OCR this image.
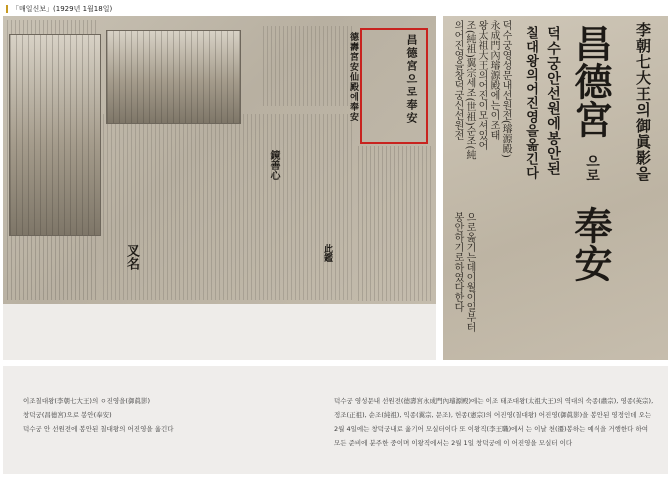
「매일신보」(1929년 1월18일)
德壽宮安仙殿에奉安	昌德宮으로奉安
鏡善心
叉名	此鑑
李朝七大王의御眞影을
昌德宮
으로
奉安
덕수궁안선원에봉안된
칠대왕의어진영을옮긴다
덕수궁영성문내선원전(璿源殿)
永成門內璿源殿에는이조태
왕太祖大王의어진이모셔있어
조(純祖)翼宗세조(世祖)순조(純
의어진영을창덕궁신선원전
으로옮기는데이월이일부터
봉안하기로하였다한다
이조칠대왕(李朝七大王)의 ㅇ진영을(御眞影)
창덕궁(昌德宮)으로 봉안(奉安)
덕수궁 안 선원전에 봉안된 칠대왕의 어진영을 옮긴다
덕수궁 영성문내 선원전(德壽宮永成門內璿源殿)에는 이조 태조대왕(太祖大王)의 역대의 숙종(肅宗), 영종(英宗), 정조(正祖), 순조(純祖), 익종(翼宗, 문조), 헌종(憲宗)의 어진영(칠대왕) 어진영(御眞影)을 봉안된 영정인데 오는 2월 4일에는 창덕궁내로 옮기어 모실터이다 또 이왕직(李王職)에서 는 이날 천(遷)봉하는 예식을 거행한다 하여 모든 준비에 분주한 중이며 이왕직에서는 2월 1일 창덕궁에 이 어진영을 모실터 이다
